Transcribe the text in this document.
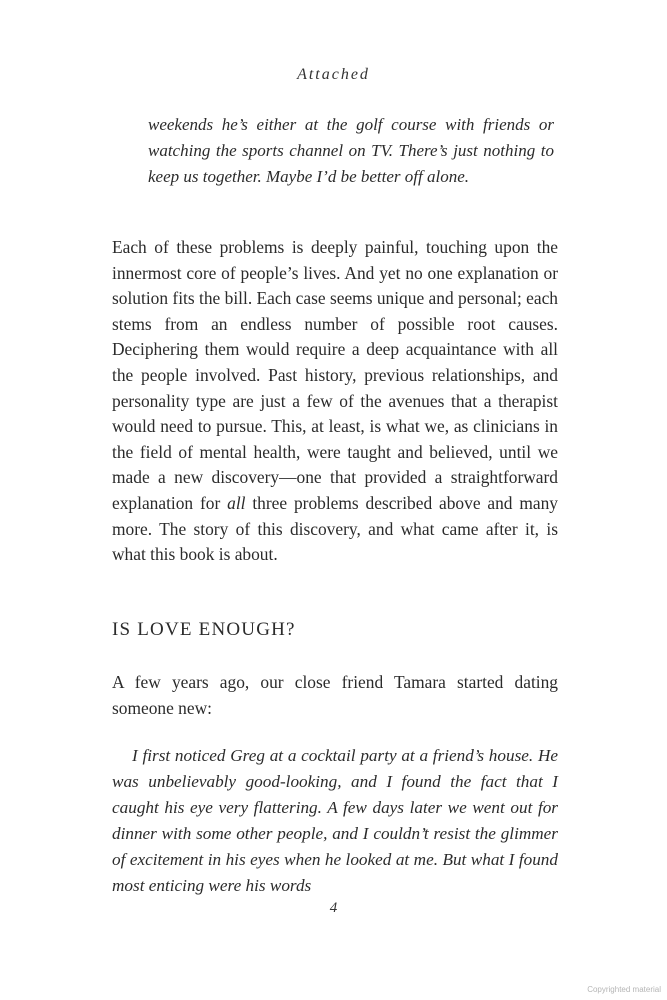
Attached
weekends he’s either at the golf course with friends or watching the sports channel on TV. There’s just nothing to keep us together. Maybe I’d be better off alone.
Each of these problems is deeply painful, touching upon the innermost core of people’s lives. And yet no one explanation or solution fits the bill. Each case seems unique and personal; each stems from an endless number of possible root causes. Deciphering them would require a deep acquaintance with all the people involved. Past history, previous relationships, and personality type are just a few of the avenues that a therapist would need to pursue. This, at least, is what we, as clinicians in the field of mental health, were taught and believed, until we made a new discovery—one that provided a straightforward explanation for all three problems described above and many more. The story of this discovery, and what came after it, is what this book is about.
IS LOVE ENOUGH?
A few years ago, our close friend Tamara started dating someone new:
I first noticed Greg at a cocktail party at a friend’s house. He was unbelievably good-looking, and I found the fact that I caught his eye very flattering. A few days later we went out for dinner with some other people, and I couldn’t resist the glimmer of excitement in his eyes when he looked at me. But what I found most enticing were his words
4
Copyrighted material
